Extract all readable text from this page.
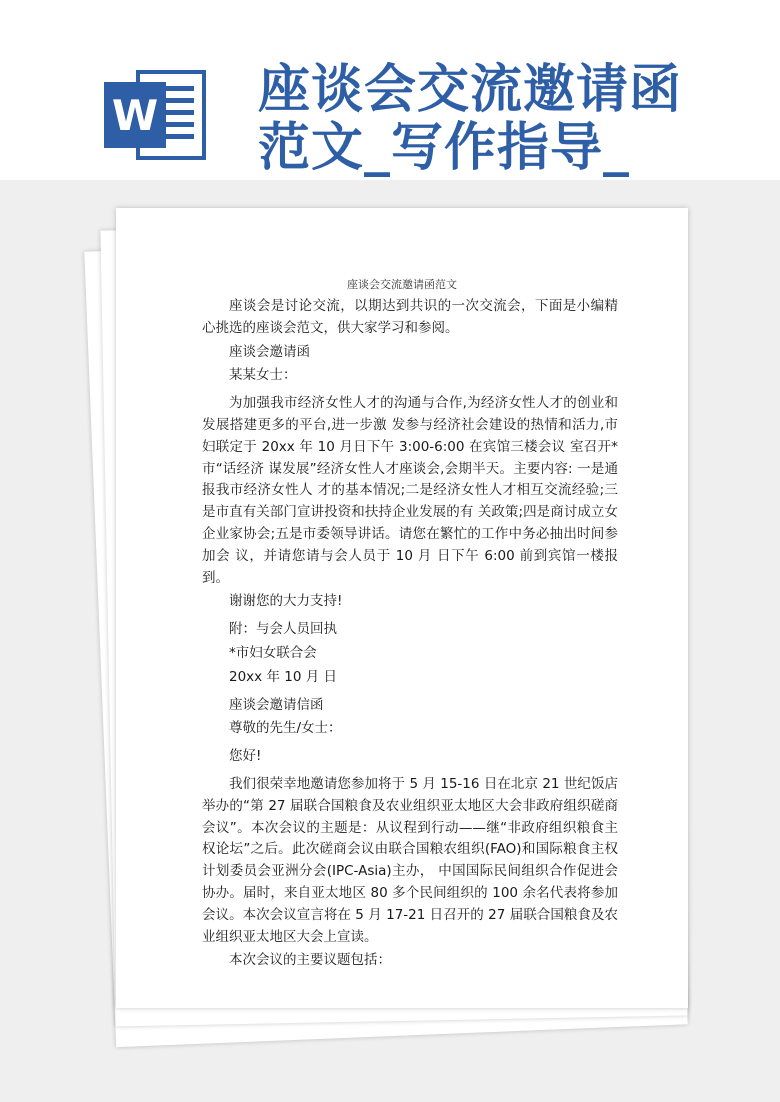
W 座谈会交流邀请函
范文_写作指导_
座谈会交流邀请函范文

座谈会是讨论交流，以期达到共识的一次交流会，下面是小编精心挑选的座谈会范文，供大家学习和参阅。

座谈会邀请函

某某女士：

为加强我市经济女性人才的沟通与合作,为经济女性人才的创业和发展搭建更多的平台,进一步激 发参与经济社会建设的热情和活力,市妇联定于 20xx 年 10 月日下午 3:00-6:00 在宾馆三楼会议 室召开*市“话经济 谋发展”经济女性人才座谈会,会期半天。主要内容: 一是通报我市经济女性人 才的基本情况;二是经济女性人才相互交流经验;三是市直有关部门宣讲投资和扶持企业发展的有 关政策;四是商讨成立女企业家协会;五是市委领导讲话。请您在繁忙的工作中务必抽出时间参加会 议，并请您请与会人员于 10 月 日下午 6:00 前到宾馆一楼报到。

谢谢您的大力支持!

附：与会人员回执

*市妇女联合会

20xx 年 10 月 日

座谈会邀请信函

尊敬的先生/女士：

您好!

我们很荣幸地邀请您参加将于 5 月 15-16 日在北京 21 世纪饭店举办的“第 27 届联合国粮食及农业组织亚太地区大会非政府组织磋商会议”。本次会议的主题是：从议程到行动——继“非政府组织粮食主权论坛”之后。此次磋商会议由联合国粮农组织(FAO)和国际粮食主权计划委员会亚洲分会(IPC-Asia)主办， 中国国际民间组织合作促进会协办。届时，来自亚太地区 80 多个民间组织的 100 余名代表将参加会议。本次会议宣言将在 5 月 17-21 日召开的 27 届联合国粮食及农业组织亚太地区大会上宣读。

本次会议的主要议题包括：
